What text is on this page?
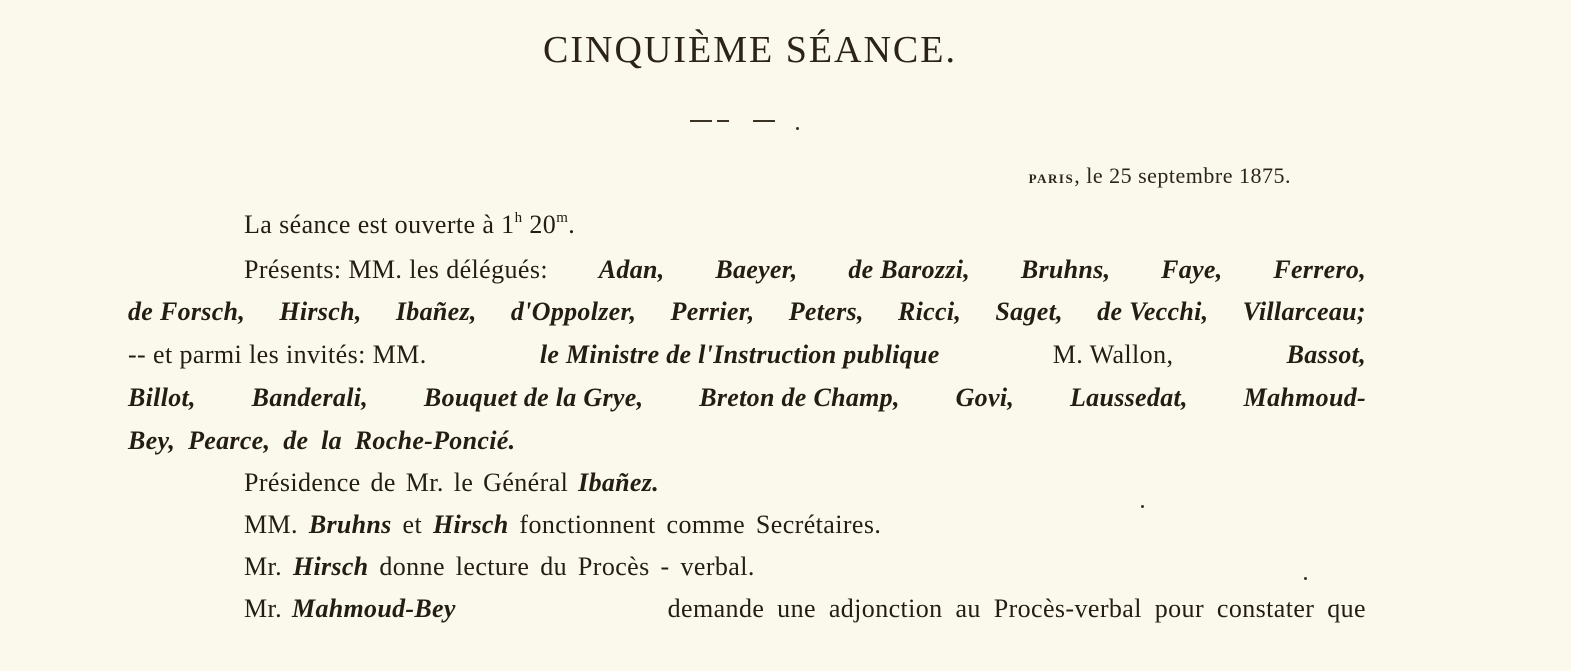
CINQUIÈME SÉANCE.
PARIS, le 25 septembre 1875.
La séance est ouverte à 1$^h$ 20$^m$.
Présents: MM. les délégués: Adan, Baeyer, de Barozzi, Bruhns, Faye, Ferrero,
de Forsch, Hirsch, Ibañez, d'Oppolzer, Perrier, Peters, Ricci, Saget, de Vecchi, Villarceau;
-- et parmi les invités: MM.	le Ministre de l'Instruction publique	M. Wallon,	Bassot,
Billot, Banderali, Bouquet de la Grye, Breton de Champ, Govi, Laussedat, Mahmoud-
Bey, Pearce, de la Roche-Poncié.
Présidence de Mr. le Général Ibañez.
MM. Bruhns et Hirsch fonctionnent comme Secrétaires.
Mr. Hirsch donne lecture du Procès - verbal.
Mr. Mahmoud-Bey	demande une adjonction au Procès-verbal pour constater que
